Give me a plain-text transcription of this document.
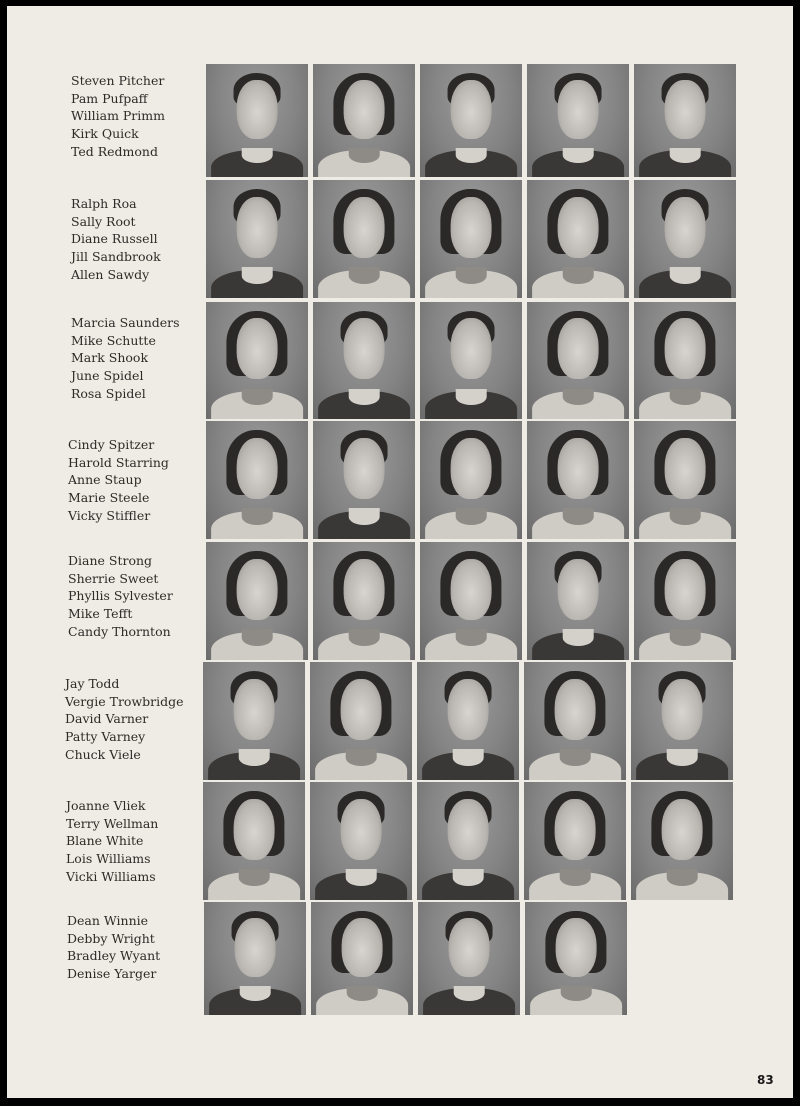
Steven Pitcher
Pam Pufpaff
William Primm
Kirk Quick
Ted Redmond
Ralph Roa
Sally Root
Diane Russell
Jill Sandbrook
Allen Sawdy
Marcia Saunders
Mike Schutte
Mark Shook
June Spidel
Rosa Spidel
Cindy Spitzer
Harold Starring
Anne Staup
Marie Steele
Vicky Stiffler
Diane Strong
Sherrie Sweet
Phyllis Sylvester
Mike Tefft
Candy Thornton
Jay Todd
Vergie Trowbridge
David Varner
Patty Varney
Chuck Viele
Joanne Vliek
Terry Wellman
Blane White
Lois Williams
Vicki Williams
Dean Winnie
Debby Wright
Bradley Wyant
Denise Yarger
83
